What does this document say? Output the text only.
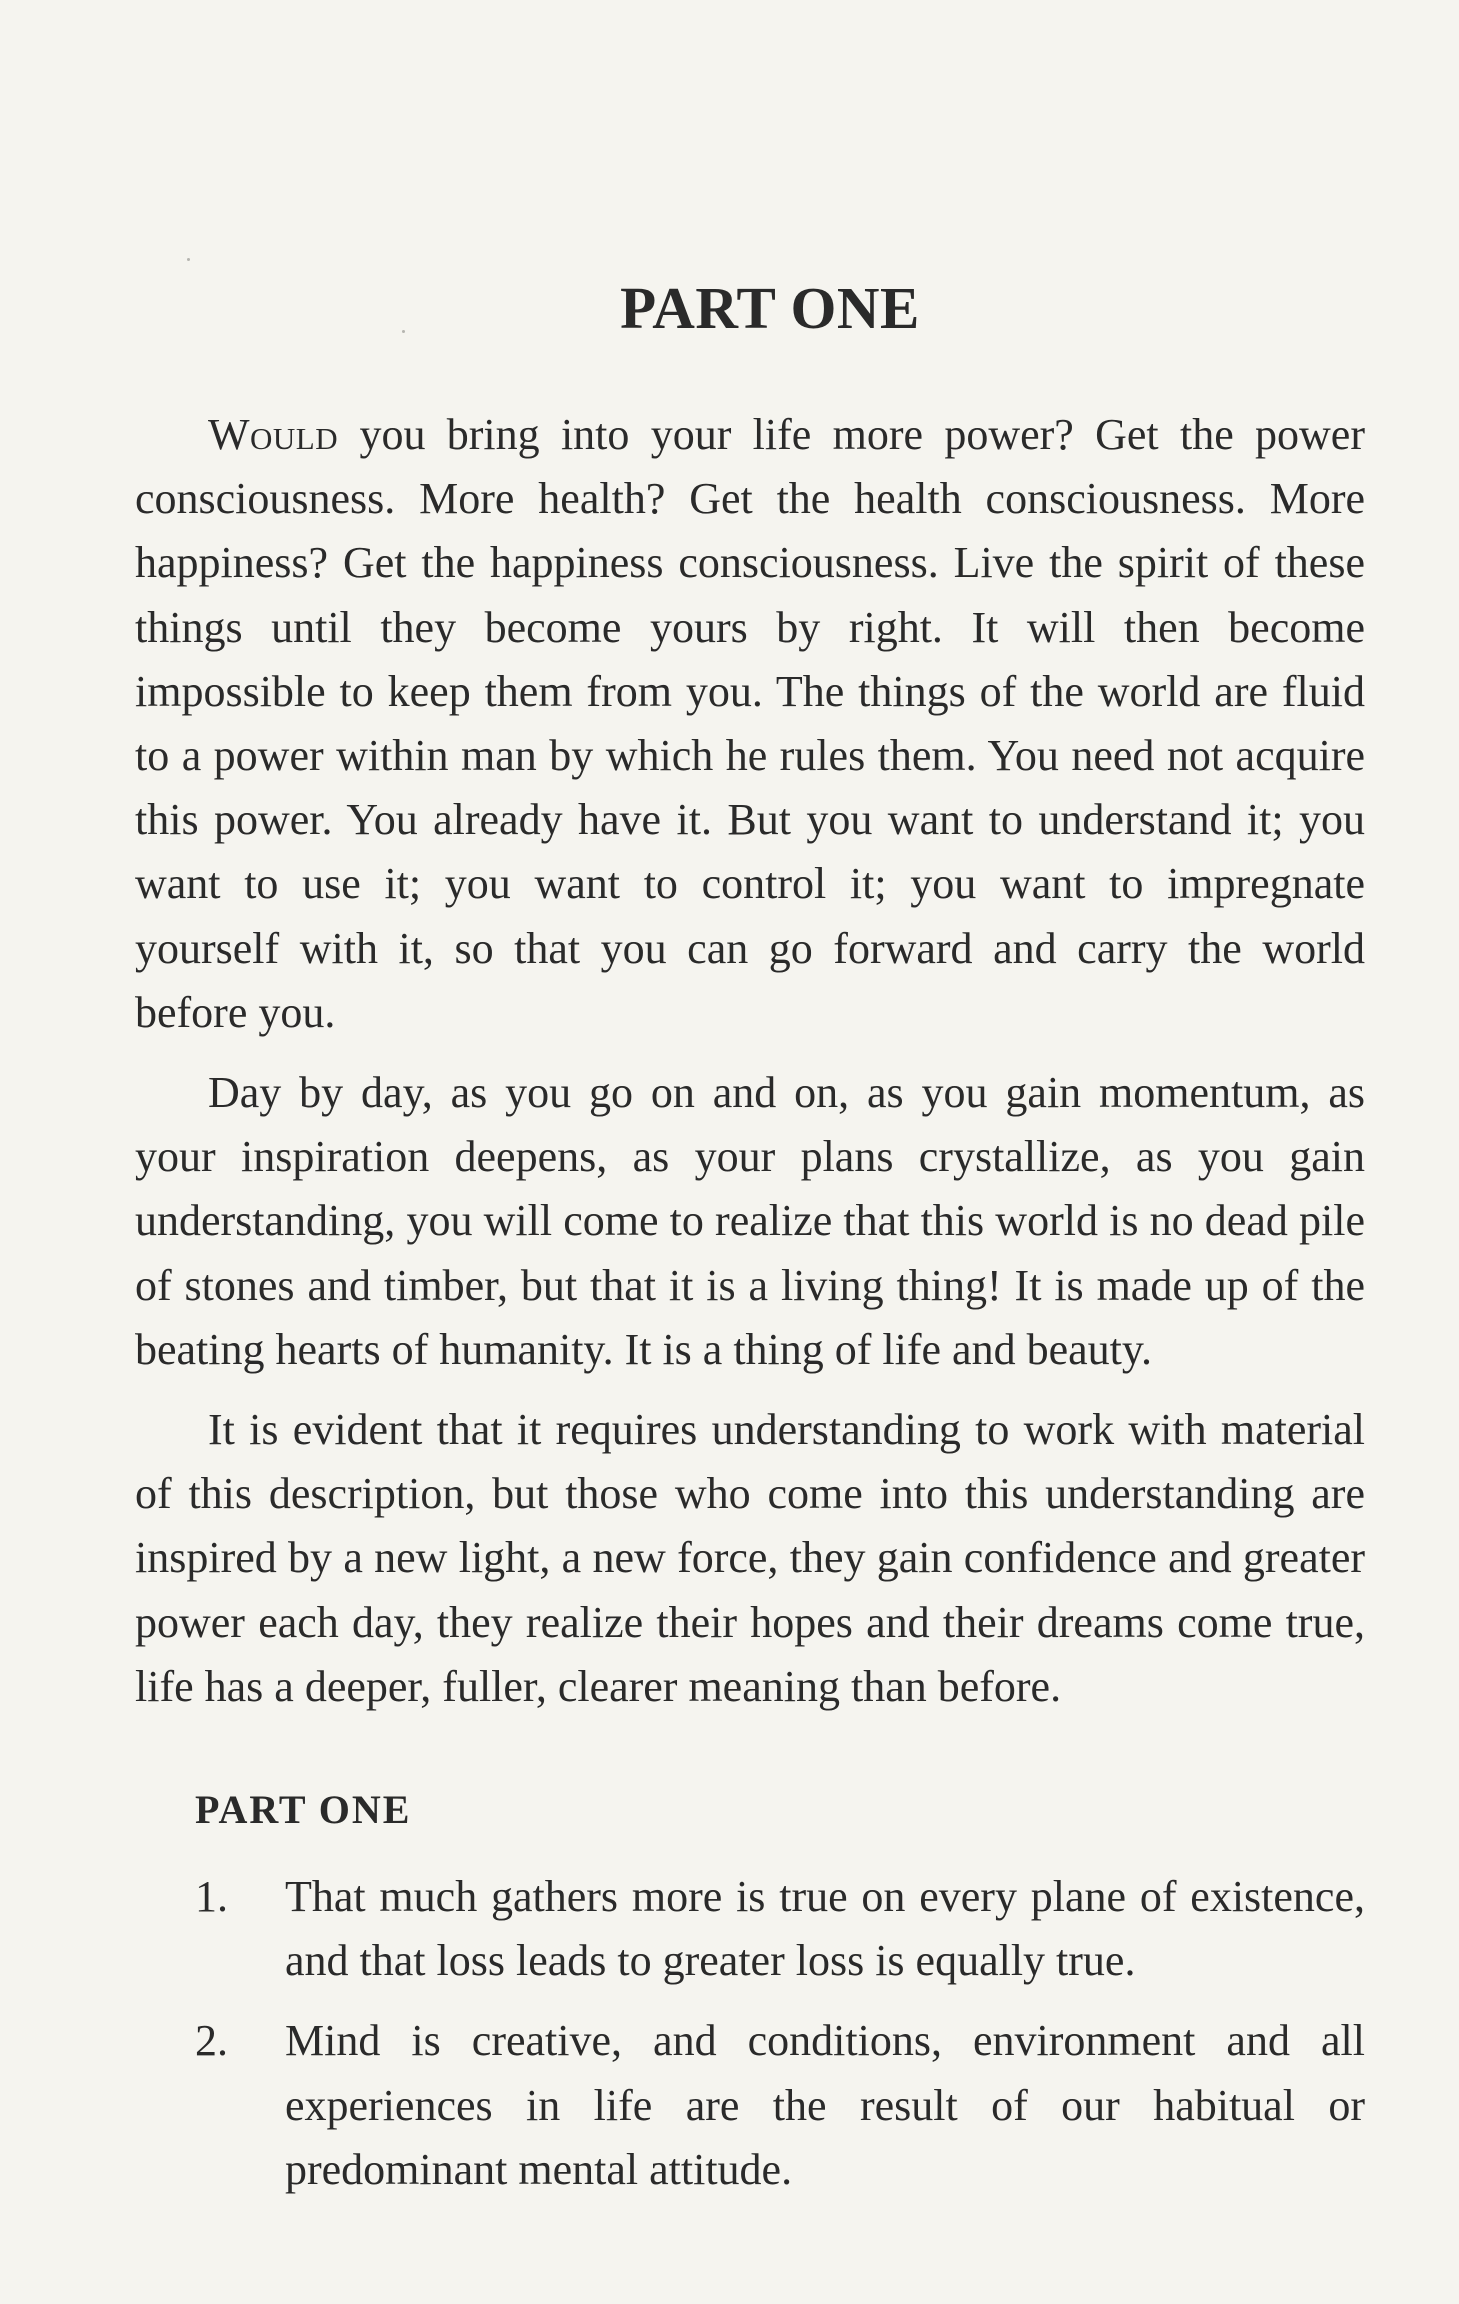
PART ONE

Would you bring into your life more power? Get the power consciousness. More health? Get the health consciousness. More happiness? Get the happiness consciousness. Live the spirit of these things until they become yours by right. It will then become impossible to keep them from you. The things of the world are fluid to a power within man by which he rules them. You need not acquire this power. You already have it. But you want to understand it; you want to use it; you want to control it; you want to impregnate yourself with it, so that you can go forward and carry the world before you.

Day by day, as you go on and on, as you gain momentum, as your inspiration deepens, as your plans crystallize, as you gain understanding, you will come to realize that this world is no dead pile of stones and timber, but that it is a living thing! It is made up of the beating hearts of humanity. It is a thing of life and beauty.

It is evident that it requires understanding to work with material of this description, but those who come into this understanding are inspired by a new light, a new force, they gain confidence and greater power each day, they realize their hopes and their dreams come true, life has a deeper, fuller, clearer meaning than before.

PART ONE
1.	That much gathers more is true on every plane of existence, and that loss leads to greater loss is equally true.
2.	Mind is creative, and conditions, environment and all experiences in life are the result of our habitual or predominant mental attitude.
